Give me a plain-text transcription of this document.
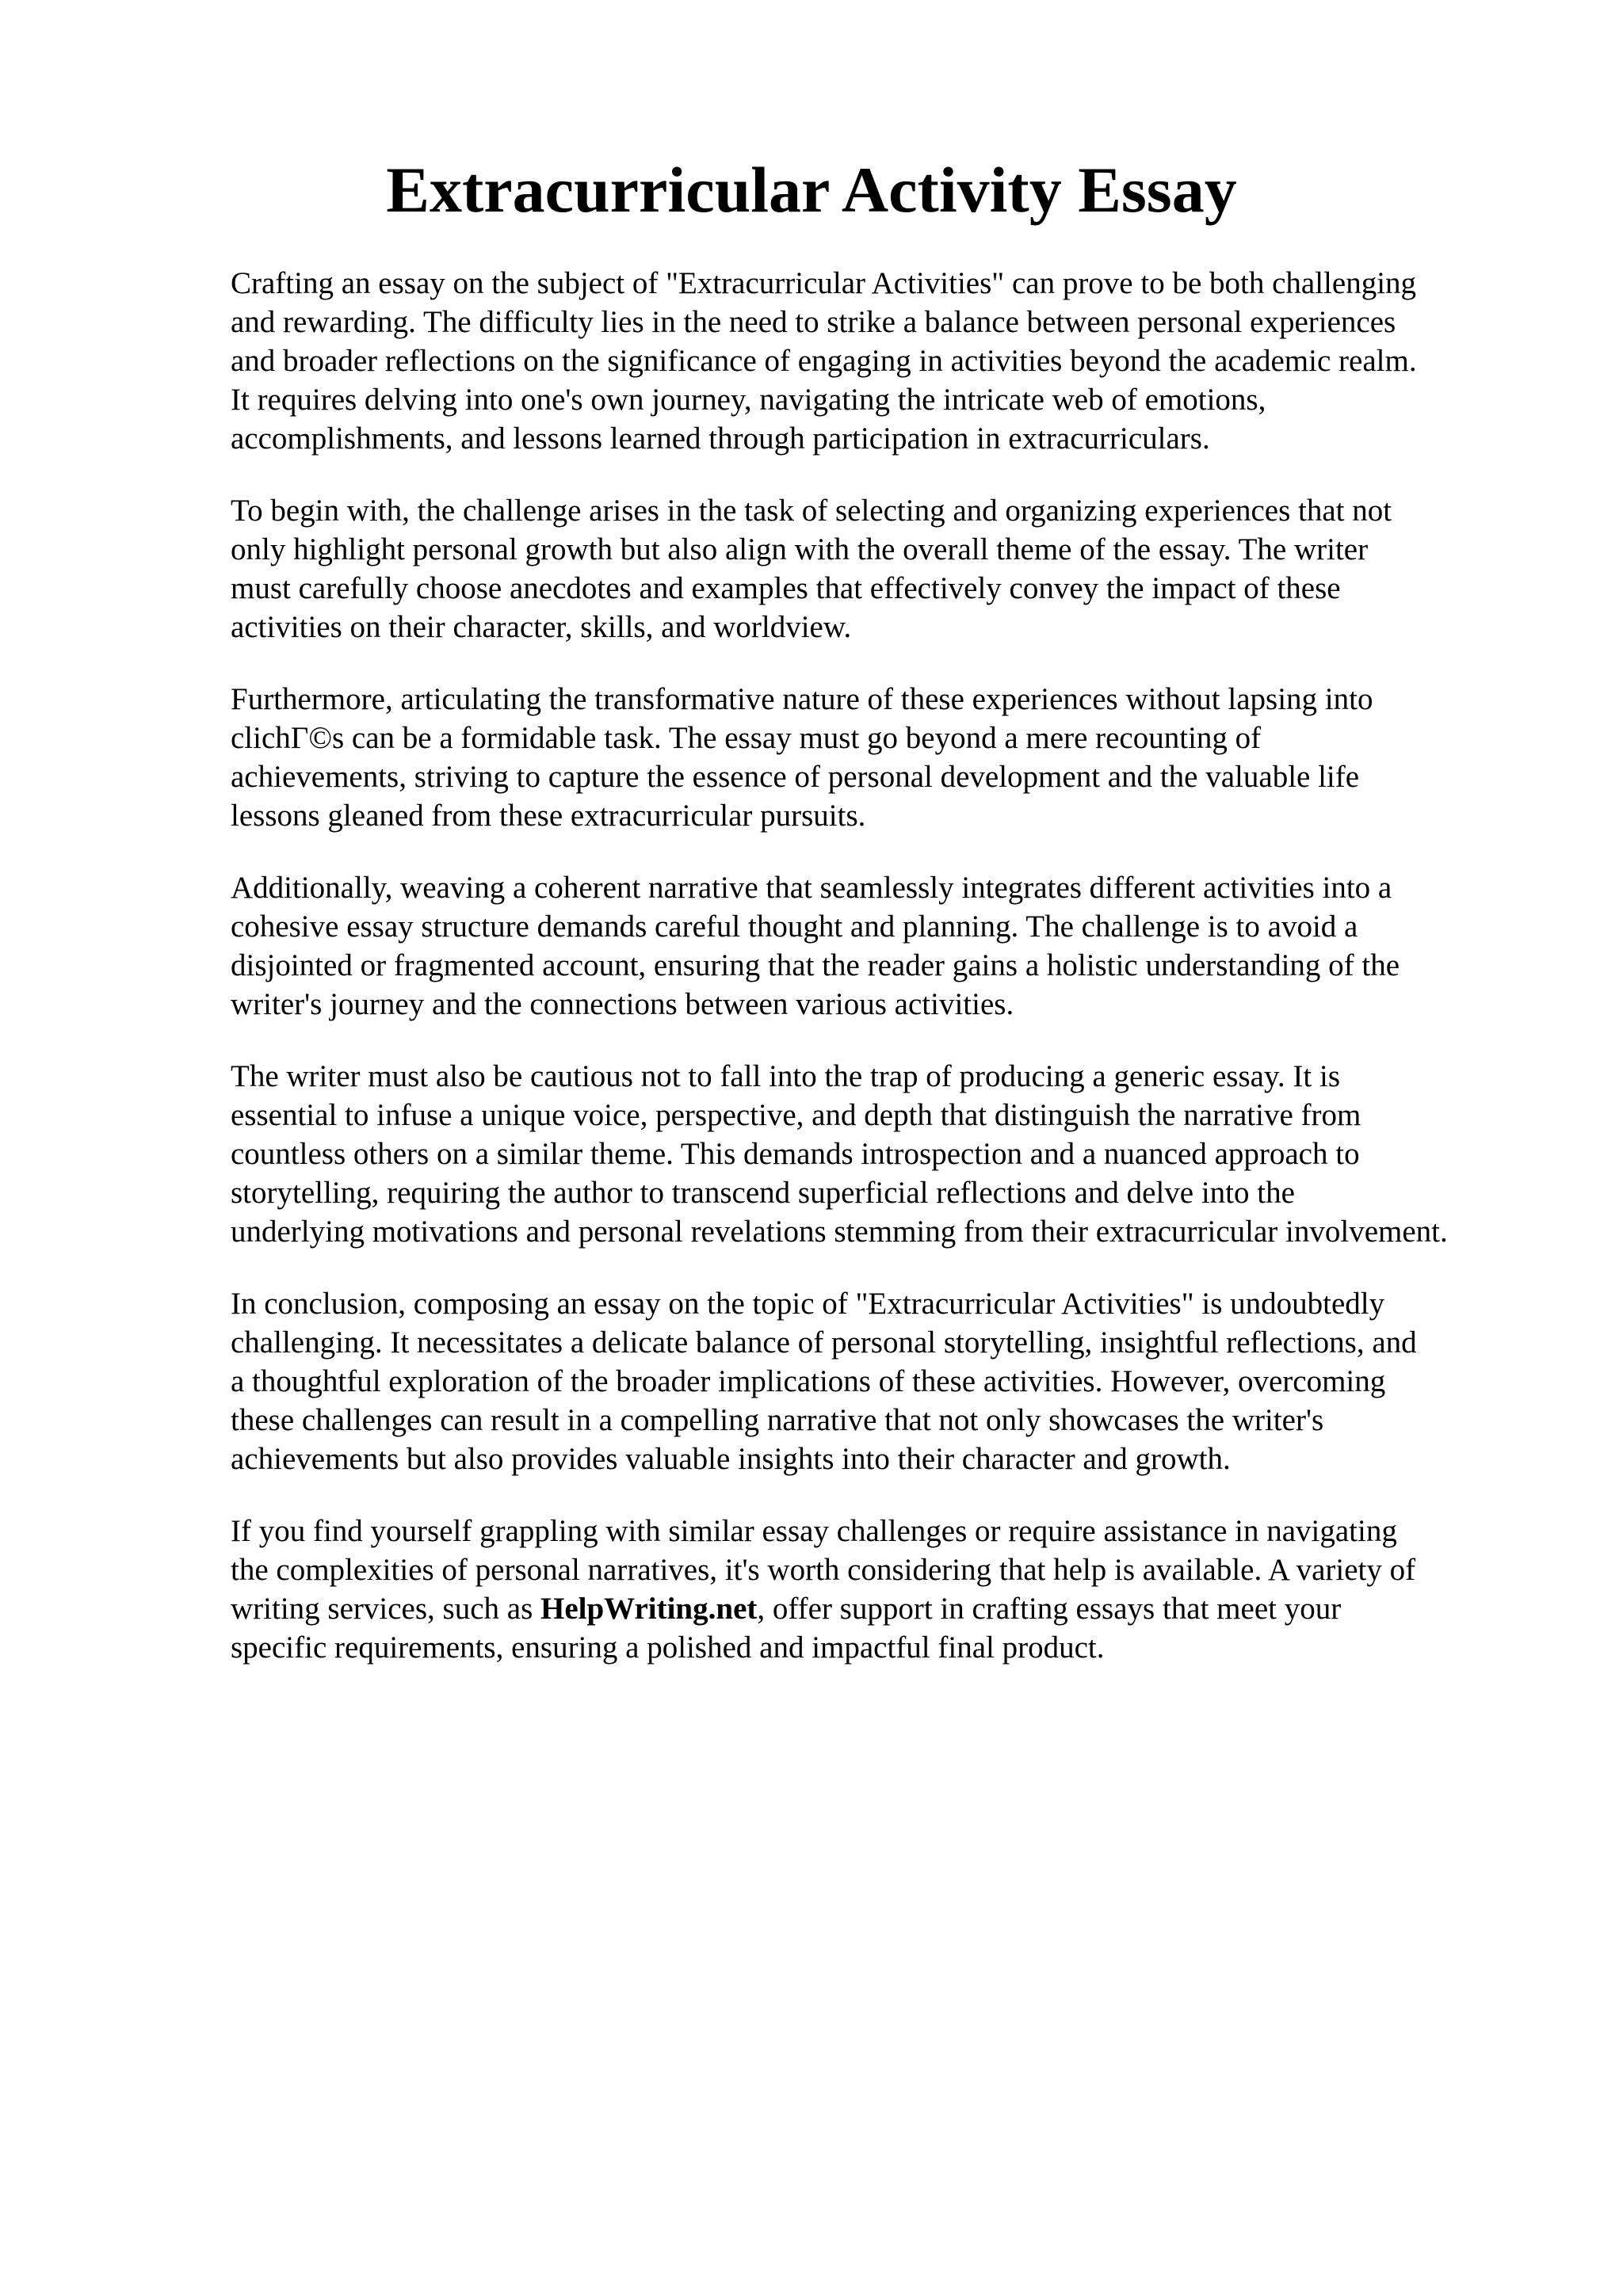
Extracurricular Activity Essay
Crafting an essay on the subject of "Extracurricular Activities" can prove to be both challenging
and rewarding. The difficulty lies in the need to strike a balance between personal experiences
and broader reflections on the significance of engaging in activities beyond the academic realm.
It requires delving into one's own journey, navigating the intricate web of emotions,
accomplishments, and lessons learned through participation in extracurriculars.
To begin with, the challenge arises in the task of selecting and organizing experiences that not
only highlight personal growth but also align with the overall theme of the essay. The writer
must carefully choose anecdotes and examples that effectively convey the impact of these
activities on their character, skills, and worldview.
Furthermore, articulating the transformative nature of these experiences without lapsing into
clichΓ©s can be a formidable task. The essay must go beyond a mere recounting of
achievements, striving to capture the essence of personal development and the valuable life
lessons gleaned from these extracurricular pursuits.
Additionally, weaving a coherent narrative that seamlessly integrates different activities into a
cohesive essay structure demands careful thought and planning. The challenge is to avoid a
disjointed or fragmented account, ensuring that the reader gains a holistic understanding of the
writer's journey and the connections between various activities.
The writer must also be cautious not to fall into the trap of producing a generic essay. It is
essential to infuse a unique voice, perspective, and depth that distinguish the narrative from
countless others on a similar theme. This demands introspection and a nuanced approach to
storytelling, requiring the author to transcend superficial reflections and delve into the
underlying motivations and personal revelations stemming from their extracurricular involvement.
In conclusion, composing an essay on the topic of "Extracurricular Activities" is undoubtedly
challenging. It necessitates a delicate balance of personal storytelling, insightful reflections, and
a thoughtful exploration of the broader implications of these activities. However, overcoming
these challenges can result in a compelling narrative that not only showcases the writer's
achievements but also provides valuable insights into their character and growth.
If you find yourself grappling with similar essay challenges or require assistance in navigating
the complexities of personal narratives, it's worth considering that help is available. A variety of
writing services, such as HelpWriting.net, offer support in crafting essays that meet your
specific requirements, ensuring a polished and impactful final product.
